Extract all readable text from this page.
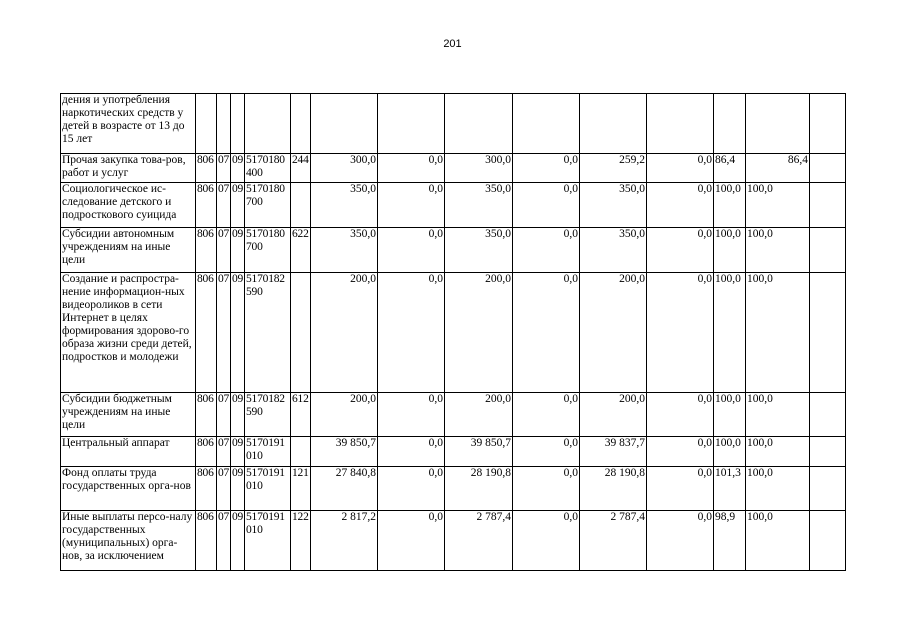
201
дения и употребления наркотических средств у детей в возрасте от 13 до 15 лет														
Прочая закупка това-ров, работ и услуг	806	07	09	5170180 400	244	300,0	0,0	300,0	0,0	259,2	0,0	86,4	86,4	
Социологическое ис-следование детского и подросткового суицида	806	07	09	5170180 700		350,0	0,0	350,0	0,0	350,0	0,0	100,0	100,0	
Субсидии автономным учреждениям на иные цели	806	07	09	5170180 700	622	350,0	0,0	350,0	0,0	350,0	0,0	100,0	100,0	
Создание и распростра-нение информацион-ных видеороликов в сети Интернет в целях формирования здорово-го образа жизни среди детей, подростков и молодежи	806	07	09	5170182 590		200,0	0,0	200,0	0,0	200,0	0,0	100,0	100,0	
Субсидии бюджетным учреждениям на иные цели	806	07	09	5170182 590	612	200,0	0,0	200,0	0,0	200,0	0,0	100,0	100,0	
Центральный аппарат	806	07	09	5170191 010		39 850,7	0,0	39 850,7	0,0	39 837,7	0,0	100,0	100,0	
Фонд оплаты труда государственных орга-нов	806	07	09	5170191 010	121	27 840,8	0,0	28 190,8	0,0	28 190,8	0,0	101,3	100,0	
Иные выплаты персо-налу государственных (муниципальных) орга-нов, за исключением	806	07	09	5170191 010	122	2 817,2	0,0	2 787,4	0,0	2 787,4	0,0	98,9	100,0	
